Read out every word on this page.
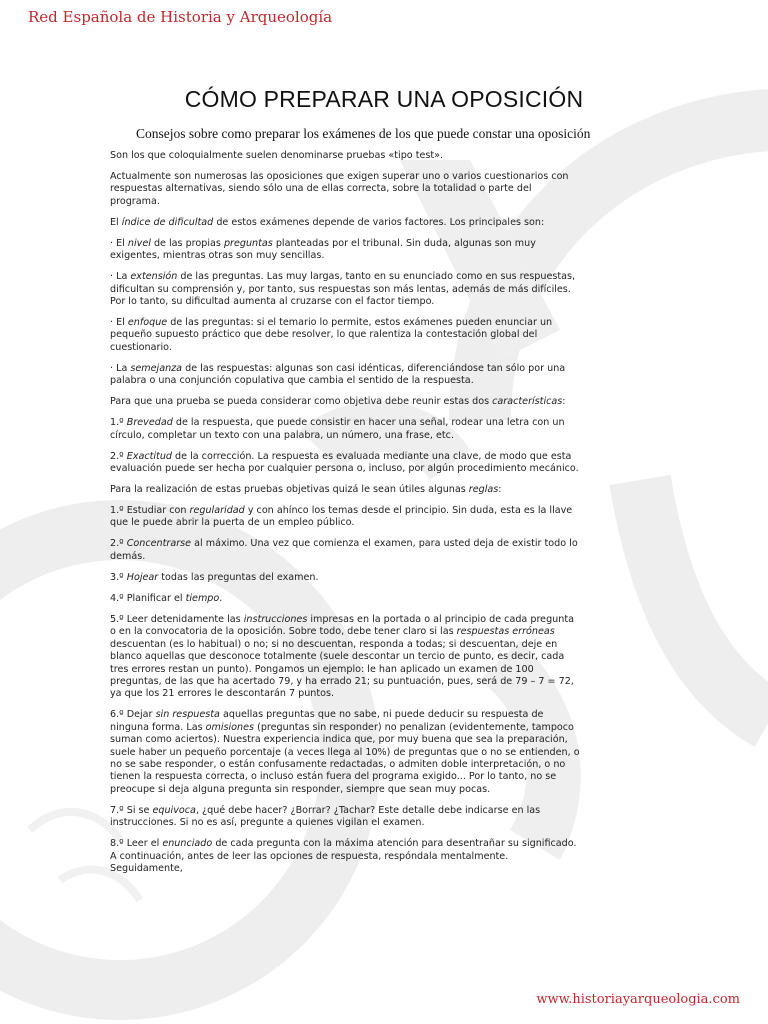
Red Española de Historia y Arqueología
CÓMO PREPARAR UNA OPOSICIÓN
Consejos sobre como preparar los exámenes de los que puede constar una oposición

Son los que coloquialmente suelen denominarse pruebas «tipo test».

Actualmente son numerosas las oposiciones que exigen superar uno o varios cuestionarios con respuestas alternativas, siendo sólo una de ellas correcta, sobre la totalidad o parte del programa.

El índice de dificultad de estos exámenes depende de varios factores. Los principales son:

· El nivel de las propias preguntas planteadas por el tribunal. Sin duda, algunas son muy exigentes, mientras otras son muy sencillas.

· La extensión de las preguntas. Las muy largas, tanto en su enunciado como en sus respuestas, dificultan su comprensión y, por tanto, sus respuestas son más lentas, además de más difíciles. Por lo tanto, su dificultad aumenta al cruzarse con el factor tiempo.

· El enfoque de las preguntas: si el temario lo permite, estos exámenes pueden enunciar un pequeño supuesto práctico que debe resolver, lo que ralentiza la contestación global del cuestionario.

· La semejanza de las respuestas: algunas son casi idénticas, diferenciándose tan sólo por una palabra o una conjunción copulativa que cambia el sentido de la respuesta.

Para que una prueba se pueda considerar como objetiva debe reunir estas dos características:

1.º Brevedad de la respuesta, que puede consistir en hacer una señal, rodear una letra con un círculo, completar un texto con una palabra, un número, una frase, etc.

2.º Exactitud de la corrección. La respuesta es evaluada mediante una clave, de modo que esta evaluación puede ser hecha por cualquier persona o, incluso, por algún procedimiento mecánico.

Para la realización de estas pruebas objetivas quizá le sean útiles algunas reglas:

1.º Estudiar con regularidad y con ahínco los temas desde el principio. Sin duda, esta es la llave que le puede abrir la puerta de un empleo público.

2.º Concentrarse al máximo. Una vez que comienza el examen, para usted deja de existir todo lo demás.

3.º Hojear todas las preguntas del examen.

4.º Planificar el tiempo.

5.º Leer detenidamente las instrucciones impresas en la portada o al principio de cada pregunta o en la convocatoria de la oposición. Sobre todo, debe tener claro si las respuestas erróneas descuentan (es lo habitual) o no; si no descuentan, responda a todas; si descuentan, deje en blanco aquellas que desconoce totalmente (suele descontar un tercio de punto, es decir, cada tres errores restan un punto). Pongamos un ejemplo: le han aplicado un examen de 100 preguntas, de las que ha acertado 79, y ha errado 21; su puntuación, pues, será de 79 – 7 = 72, ya que los 21 errores le descontarán 7 puntos.

6.º Dejar sin respuesta aquellas preguntas que no sabe, ni puede deducir su respuesta de ninguna forma. Las omisiones (preguntas sin responder) no penalizan (evidentemente, tampoco suman como aciertos). Nuestra experiencia indica que, por muy buena que sea la preparación, suele haber un pequeño porcentaje (a veces llega al 10%) de preguntas que o no se entienden, o no se sabe responder, o están confusamente redactadas, o admiten doble interpretación, o no tienen la respuesta correcta, o incluso están fuera del programa exigido... Por lo tanto, no se preocupe si deja alguna pregunta sin responder, siempre que sean muy pocas.

7.º Si se equivoca, ¿qué debe hacer? ¿Borrar? ¿Tachar? Este detalle debe indicarse en las instrucciones. Si no es así, pregunte a quienes vigilan el examen.

8.º Leer el enunciado de cada pregunta con la máxima atención para desentrañar su significado. A continuación, antes de leer las opciones de respuesta, respóndala mentalmente. Seguidamente,

www.historiayarqueologia.com
